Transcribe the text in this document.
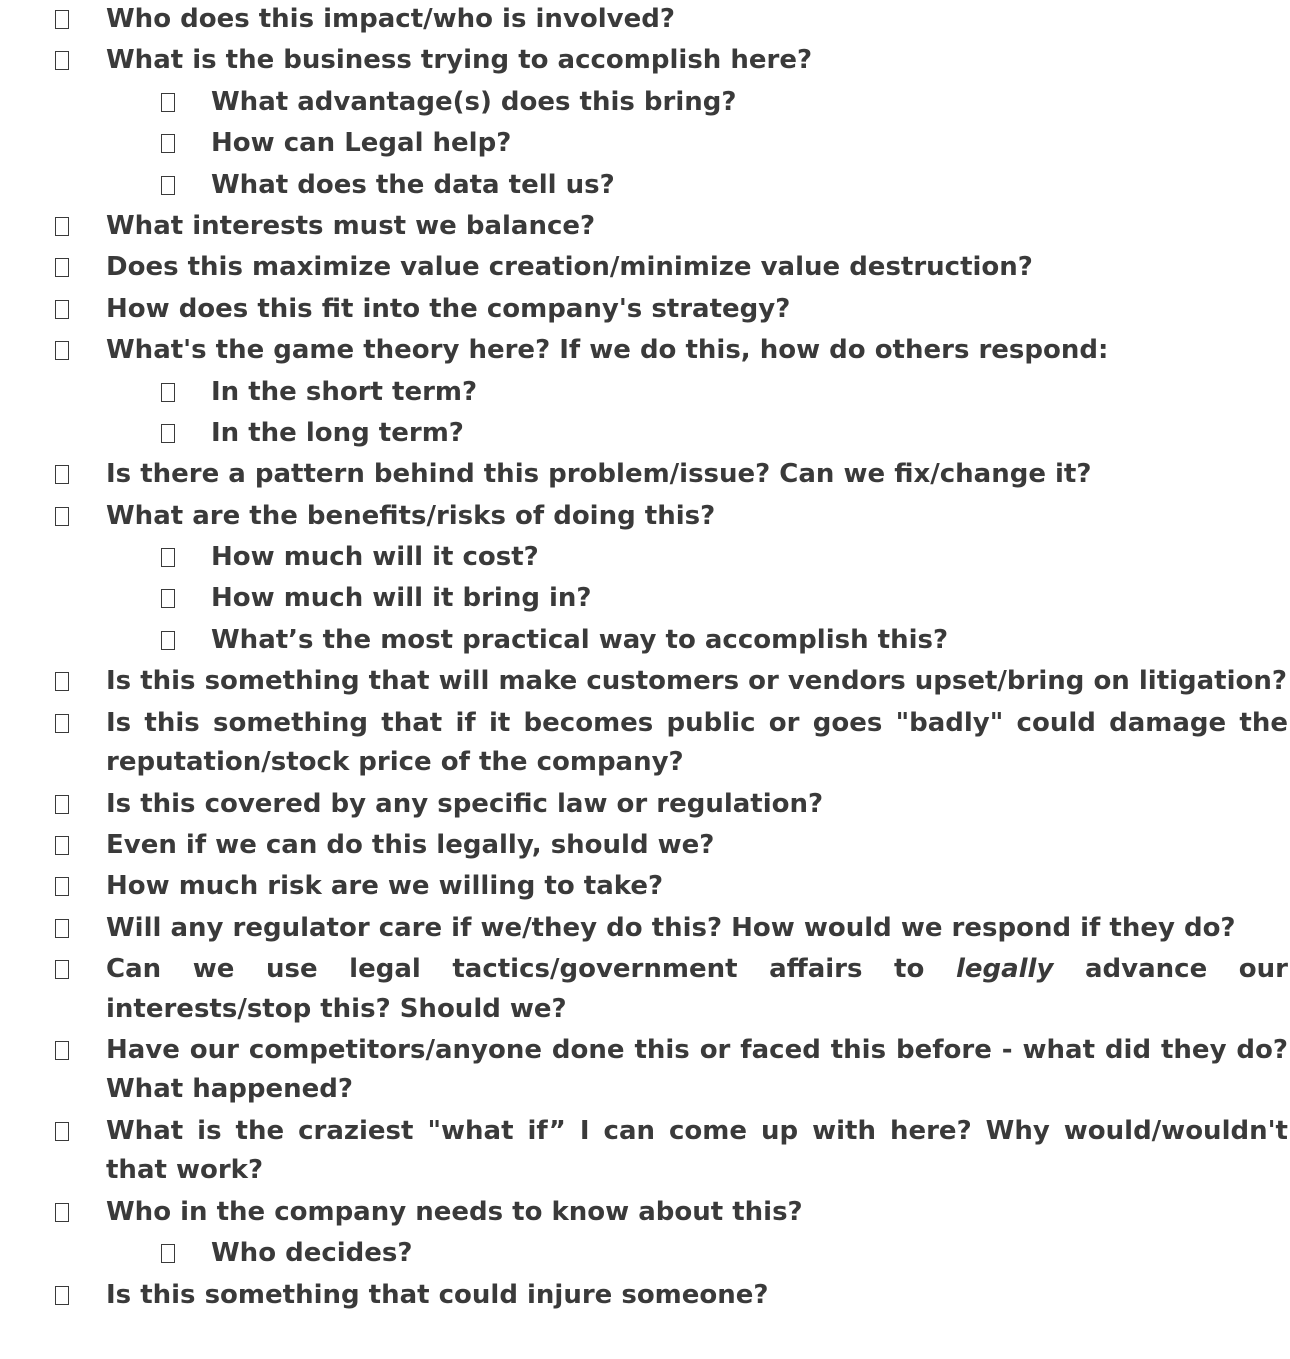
Who does this impact/who is involved?
What is the business trying to accomplish here?
What advantage(s) does this bring?
How can Legal help?
What does the data tell us?
What interests must we balance?
Does this maximize value creation/minimize value destruction?
How does this fit into the company's strategy?
What's the game theory here? If we do this, how do others respond:
In the short term?
In the long term?
Is there a pattern behind this problem/issue? Can we fix/change it?
What are the benefits/risks of doing this?
How much will it cost?
How much will it bring in?
What’s the most practical way to accomplish this?
Is this something that will make customers or vendors upset/bring on litigation?
Is this something that if it becomes public or goes "badly" could damage the reputation/stock price of the company?
Is this covered by any specific law or regulation?
Even if we can do this legally, should we?
How much risk are we willing to take?
Will any regulator care if we/they do this? How would we respond if they do?
Can we use legal tactics/government affairs to legally advance our interests/stop this? Should we?
Have our competitors/anyone done this or faced this before - what did they do? What happened?
What is the craziest "what if” I can come up with here? Why would/wouldn't that work?
Who in the company needs to know about this?
Who decides?
Is this something that could injure someone?
